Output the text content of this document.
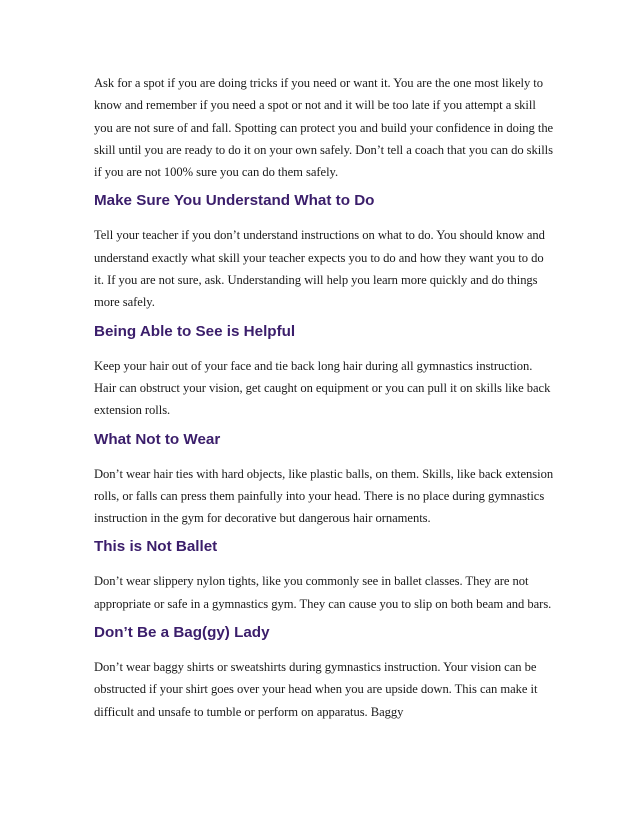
Ask for a spot if you are doing tricks if you need or want it. You are the one most likely to know and remember if you need a spot or not and it will be too late if you attempt a skill you are not sure of and fall. Spotting can protect you and build your confidence in doing the skill until you are ready to do it on your own safely. Don’t tell a coach that you can do skills if you are not 100% sure you can do them safely.

Make Sure You Understand What to Do

Tell your teacher if you don’t understand instructions on what to do. You should know and understand exactly what skill your teacher expects you to do and how they want you to do it. If you are not sure, ask. Understanding will help you learn more quickly and do things more safely.

Being Able to See is Helpful

Keep your hair out of your face and tie back long hair during all gymnastics instruction. Hair can obstruct your vision, get caught on equipment or you can pull it on skills like back extension rolls.

What Not to Wear

Don’t wear hair ties with hard objects, like plastic balls, on them. Skills, like back extension rolls, or falls can press them painfully into your head. There is no place during gymnastics instruction in the gym for decorative but dangerous hair ornaments.

This is Not Ballet

Don’t wear slippery nylon tights, like you commonly see in ballet classes. They are not appropriate or safe in a gymnastics gym. They can cause you to slip on both beam and bars.

Don’t Be a Bag(gy) Lady

Don’t wear baggy shirts or sweatshirts during gymnastics instruction. Your vision can be obstructed if your shirt goes over your head when you are upside down. This can make it difficult and unsafe to tumble or perform on apparatus. Baggy
